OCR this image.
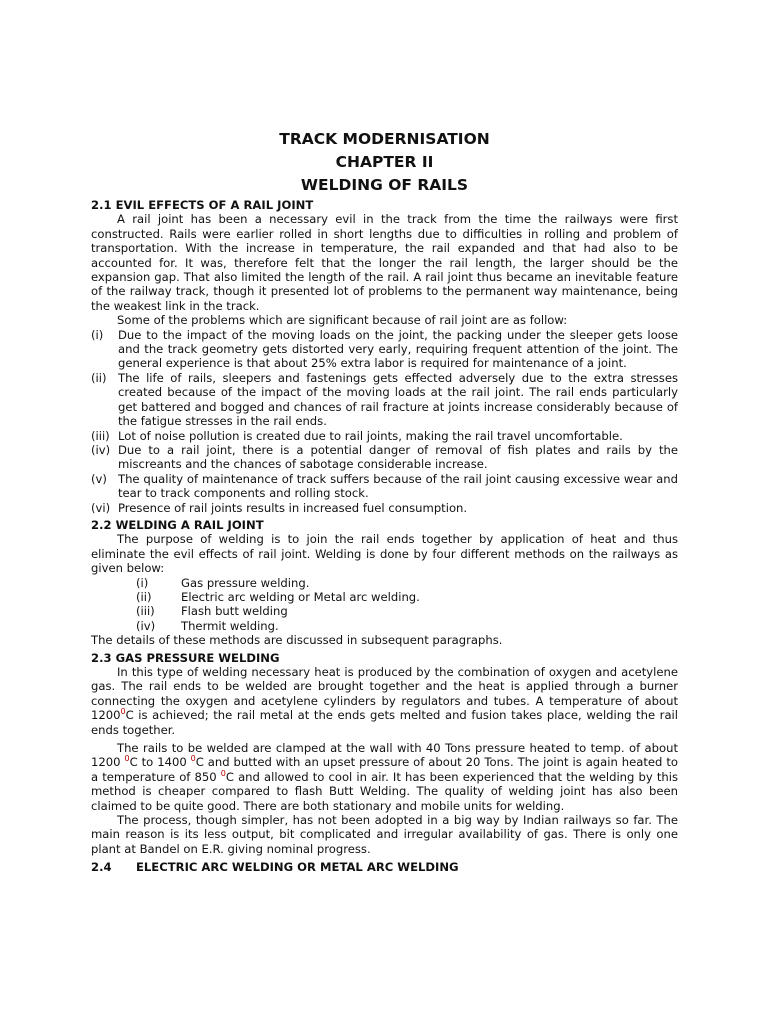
TRACK MODERNISATION

CHAPTER II

WELDING OF RAILS

2.1 EVIL EFFECTS OF A RAIL JOINT

A rail joint has been a necessary evil in the track from the time the railways were first constructed. Rails were earlier rolled in short lengths due to difficulties in rolling and problem of transportation. With the increase in temperature, the rail expanded and that had also to be accounted for. It was, therefore felt that the longer the rail length, the larger should be the expansion gap. That also limited the length of the rail. A rail joint thus became an inevitable feature of the railway track, though it presented lot of problems to the permanent way maintenance, being the weakest link in the track.

Some of the problems which are significant because of rail joint are as follow:

(i)	Due to the impact of the moving loads on the joint, the packing under the sleeper gets loose and the track geometry gets distorted very early, requiring frequent attention of the joint. The general experience is that about 25% extra labor is required for maintenance of a joint.
(ii) The life of rails, sleepers and fastenings gets effected adversely due to the extra stresses created because of the impact of the moving loads at the rail joint. The rail ends particularly get battered and bogged and chances of rail fracture at joints increase considerably because of the fatigue stresses in the rail ends.
(iii) Lot of noise pollution is created due to rail joints, making the rail travel uncomfortable.
(iv) Due to a rail joint, there is a potential danger of removal of fish plates and rails by the miscreants and the chances of sabotage considerable increase.
(v) The quality of maintenance of track suffers because of the rail joint causing excessive wear and tear to track components and rolling stock.
(vi) Presence of rail joints results in increased fuel consumption.

2.2 WELDING A RAIL JOINT

The purpose of welding is to join the rail ends together by application of heat and thus eliminate the evil effects of rail joint. Welding is done by four different methods on the railways as given below:

(i)	Gas pressure welding.
(ii)	Electric arc welding or Metal arc welding.
(iii)	Flash butt welding
(iv)	Thermit welding.

The details of these methods are discussed in subsequent paragraphs.

2.3 GAS PRESSURE WELDING

In this type of welding necessary heat is produced by the combination of oxygen and acetylene gas. The rail ends to be welded are brought together and the heat is applied through a burner connecting the oxygen and acetylene cylinders by regulators and tubes. A temperature of about 1200$^0$C is achieved; the rail metal at the ends gets melted and fusion takes place, welding the rail ends together.

The rails to be welded are clamped at the wall with 40 Tons pressure heated to temp. of about 1200 $^0$C to 1400 $^0$C and butted with an upset pressure of about 20 Tons. The joint is again heated to a temperature of 850 $^0$C and allowed to cool in air. It has been experienced that the welding by this method is cheaper compared to flash Butt Welding. The quality of welding joint has also been claimed to be quite good. There are both stationary and mobile units for welding.

The process, though simpler, has not been adopted in a big way by Indian railways so far. The main reason is its less output, bit complicated and irregular availability of gas. There is only one plant at Bandel on E.R. giving nominal progress.

2.4	ELECTRIC ARC WELDING OR METAL ARC WELDING
